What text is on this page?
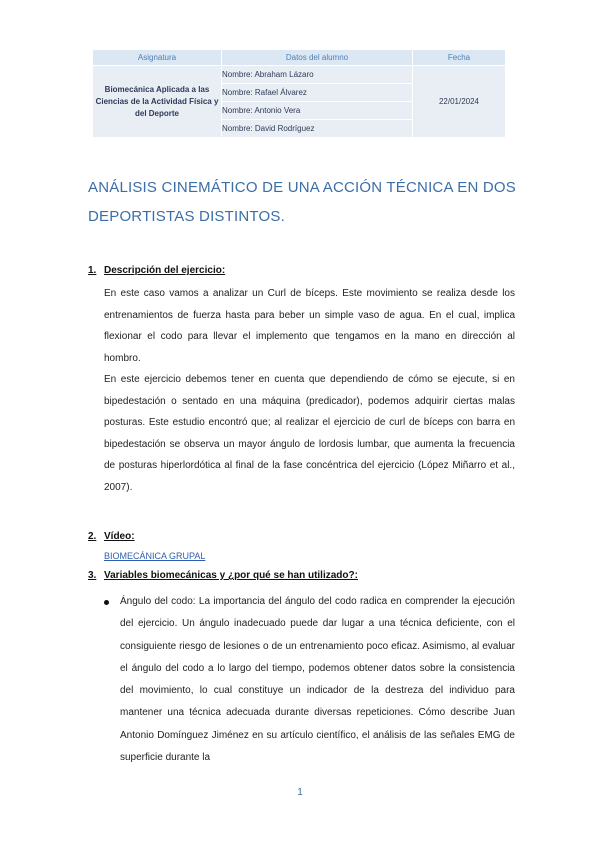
Asignatura	Datos del alumno	Fecha
Biomecánica Aplicada a las Ciencias de la Actividad Física y del Deporte	Nombre: Abraham Lázaro	22/01/2024
	Nombre: Rafael Álvarez	
	Nombre: Antonio Vera	
	Nombre: David Rodríguez	
ANÁLISIS CINEMÁTICO DE UNA ACCIÓN TÉCNICA EN DOS DEPORTISTAS DISTINTOS.

1. Descripción del ejercicio:

En este caso vamos a analizar un Curl de bíceps. Este movimiento se realiza desde los entrenamientos de fuerza hasta para beber un simple vaso de agua. En el cual, implica flexionar el codo para llevar el implemento que tengamos en la mano en dirección al hombro.

En este ejercicio debemos tener en cuenta que dependiendo de cómo se ejecute, si en bipedestación o sentado en una máquina (predicador), podemos adquirir ciertas malas posturas. Este estudio encontró que; al realizar el ejercicio de curl de bíceps con barra en bipedestación se observa un mayor ángulo de lordosis lumbar, que aumenta la frecuencia de posturas hiperlordótica al final de la fase concéntrica del ejercicio (López Miñarro et al., 2007).

2. Vídeo:

BIOMECÁNICA GRUPAL

3. Variables biomecánicas y ¿por qué se han utilizado?:

Ángulo del codo: La importancia del ángulo del codo radica en comprender la ejecución del ejercicio. Un ángulo inadecuado puede dar lugar a una técnica deficiente, con el consiguiente riesgo de lesiones o de un entrenamiento poco eficaz. Asimismo, al evaluar el ángulo del codo a lo largo del tiempo, podemos obtener datos sobre la consistencia del movimiento, lo cual constituye un indicador de la destreza del individuo para mantener una técnica adecuada durante diversas repeticiones. Cómo describe Juan Antonio Domínguez Jiménez en su artículo científico, el análisis de las señales EMG de superficie durante la

1
